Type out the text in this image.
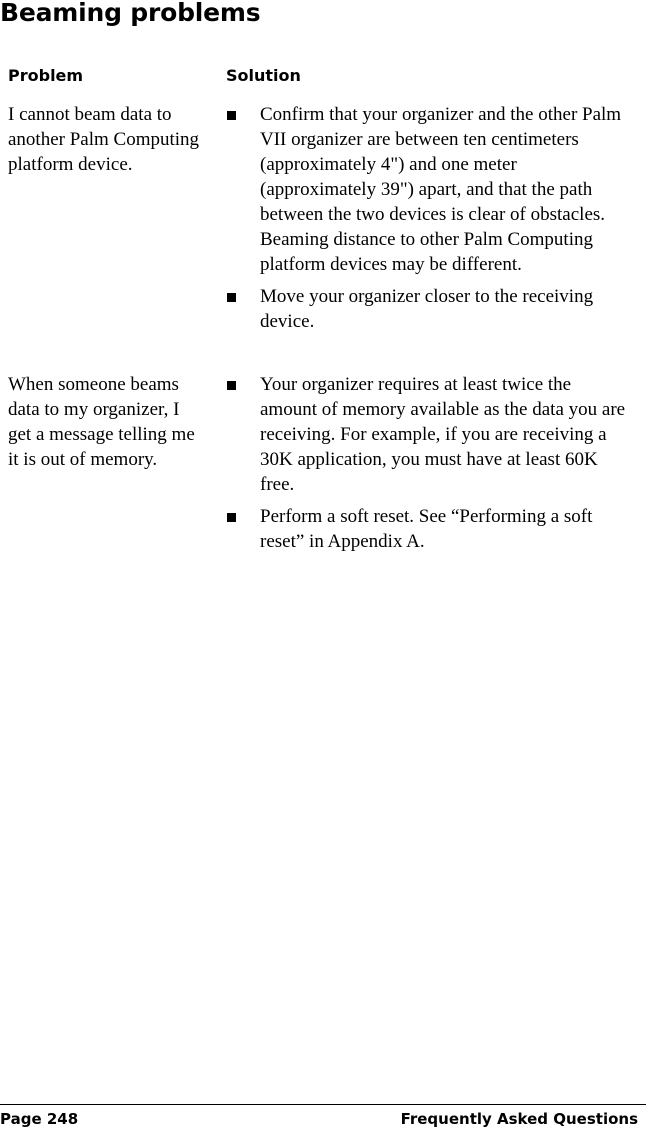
Beaming problems
Problem	Solution

I cannot beam data to another Palm Computing platform device.

Confirm that your organizer and the other Palm VII organizer are between ten centimeters (approximately 4") and one meter (approximately 39") apart, and that the path between the two devices is clear of obstacles. Beaming distance to other Palm Computing platform devices may be different.
Move your organizer closer to the receiving device.

When someone beams data to my organizer, I get a message telling me it is out of memory.

Your organizer requires at least twice the amount of memory available as the data you are receiving. For example, if you are receiving a 30K application, you must have at least 60K free.
Perform a soft reset. See “Performing a soft reset” in Appendix A.
Page 248	Frequently Asked Questions
